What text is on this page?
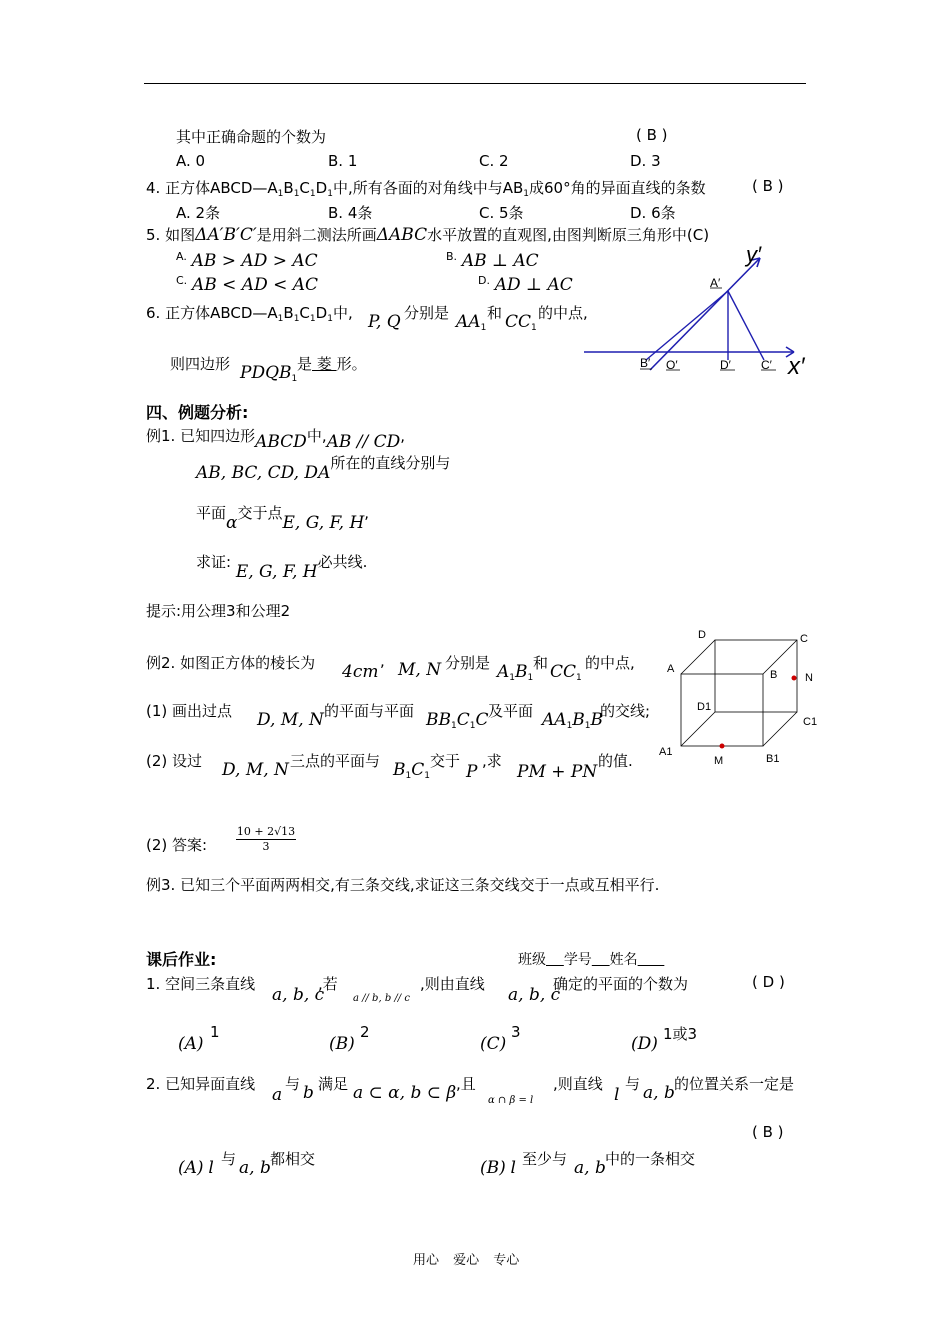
其中正确命题的个数为	( B )
A. 0	B. 1	C. 2	D. 3
4. 正方体$ABCD—A_1B_1C_1D_1$中,所有各面的对角线中与$AB_1$成60°角的异面直线的条数	( B )
A. 2条	B. 4条	C. 5条	D. 6条
5. 如图ΔA′B′C′是用斜二测法所画ΔABC水平放置的直观图,由图判断原三角形中(C)
$^{A.}$ AB > AD > AC	$^{B.}$ AB ⊥ AC
$^{C.}$ AB < AD < AC	$^{D.}$ AD ⊥ AC
6. 正方体$ABCD—A_1B_1C_1D_1$中, P, Q 分别是 $AA_1$
和 $CC_1$
的中点,
则四边形 $PDQB_1$
是 菱 形。
y′
x′
A′
B′ O′	D′	C′
四、例题分析:
例1. 已知四边形ABCD中,AB // CD,
AB, BC, CD, DA所在的直线分别与
平面α交于点E, G, F, H,
求证: E, G, F, H必共线.
提示:用公理3和公理2
例2. 如图正方体的棱长为 4cm
, M, N 分别是 $A_1B_1$
和 $CC_1$
的中点,
(1) 画出过点 D, M, N 的平面与平面 $BB_1C_1C$ 及平面 $AA_1B_1B$
的交线;
(2) 设过 D, M, N 三点的平面与 $B_1C_1$
交于
P
,求
PM + PN
的值.
D	C
A	B	N
D1
C1
A1
M	B1
(2) 答案:
10 + 2√13
3
例3. 已知三个平面两两相交,有三条交线,求证这三条交线交于一点或互相平行.
课后作业:	班级 学号 姓名
1. 空间三条直线
a, b, c
,若
a // b, b // c
,则由直线
a, b, c
确定的平面的个数为	( D )
(A)
1
(B)
2
(C)
3
(D) 1或3
2. 已知异面直线
a
与 b 满足 a ⊂ α, b ⊂ β ,且
α ∩ β = l
,则直线
l
与 a, b 的位置关系一定是
( B )
(A) l 与 a, b 都相交	(B) l 至少与 a, b 中的一条相交
用心 爱心 专心
